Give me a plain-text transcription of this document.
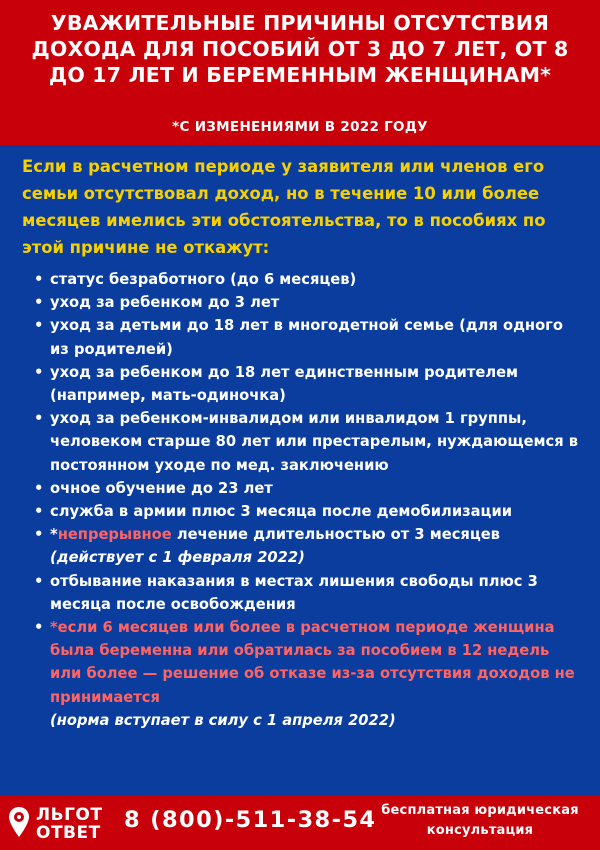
УВАЖИТЕЛЬНЫЕ ПРИЧИНЫ ОТСУТСТВИЯ ДОХОДА ДЛЯ ПОСОБИЙ ОТ 3 ДО 7 ЛЕТ, ОТ 8 ДО 17 ЛЕТ И БЕРЕМЕННЫМ ЖЕНЩИНАМ*
*С ИЗМЕНЕНИЯМИ В 2022 ГОДУ

Если в расчетном периоде у заявителя или членов его семьи отсутствовал доход, но в течение 10 или более месяцев имелись эти обстоятельства, то в пособиях по этой причине не откажут:

• статус безработного (до 6 месяцев)
• уход за ребенком до 3 лет
• уход за детьми до 18 лет в многодетной семье (для одного из родителей)
• уход за ребенком до 18 лет единственным родителем (например, мать-одиночка)
• уход за ребенком-инвалидом или инвалидом 1 группы, человеком старше 80 лет или престарелым, нуждающемся в постоянном уходе по мед. заключению
• очное обучение до 23 лет
• служба в армии плюс 3 месяца после демобилизации
• *непрерывное лечение длительностью от 3 месяцев (действует с 1 февраля 2022)
• отбывание наказания в местах лишения свободы плюс 3 месяца после освобождения
• *если 6 месяцев или более в расчетном периоде женщина была беременна или обратилась за пособием в 12 недель или более — решение об отказе из-за отсутствия доходов не принимается
(норма вступает в силу с 1 апреля 2022)
ЛЬГОТ
ОТВЕТ 8 (800)-511-38-54 бесплатная юридическая
консультация
